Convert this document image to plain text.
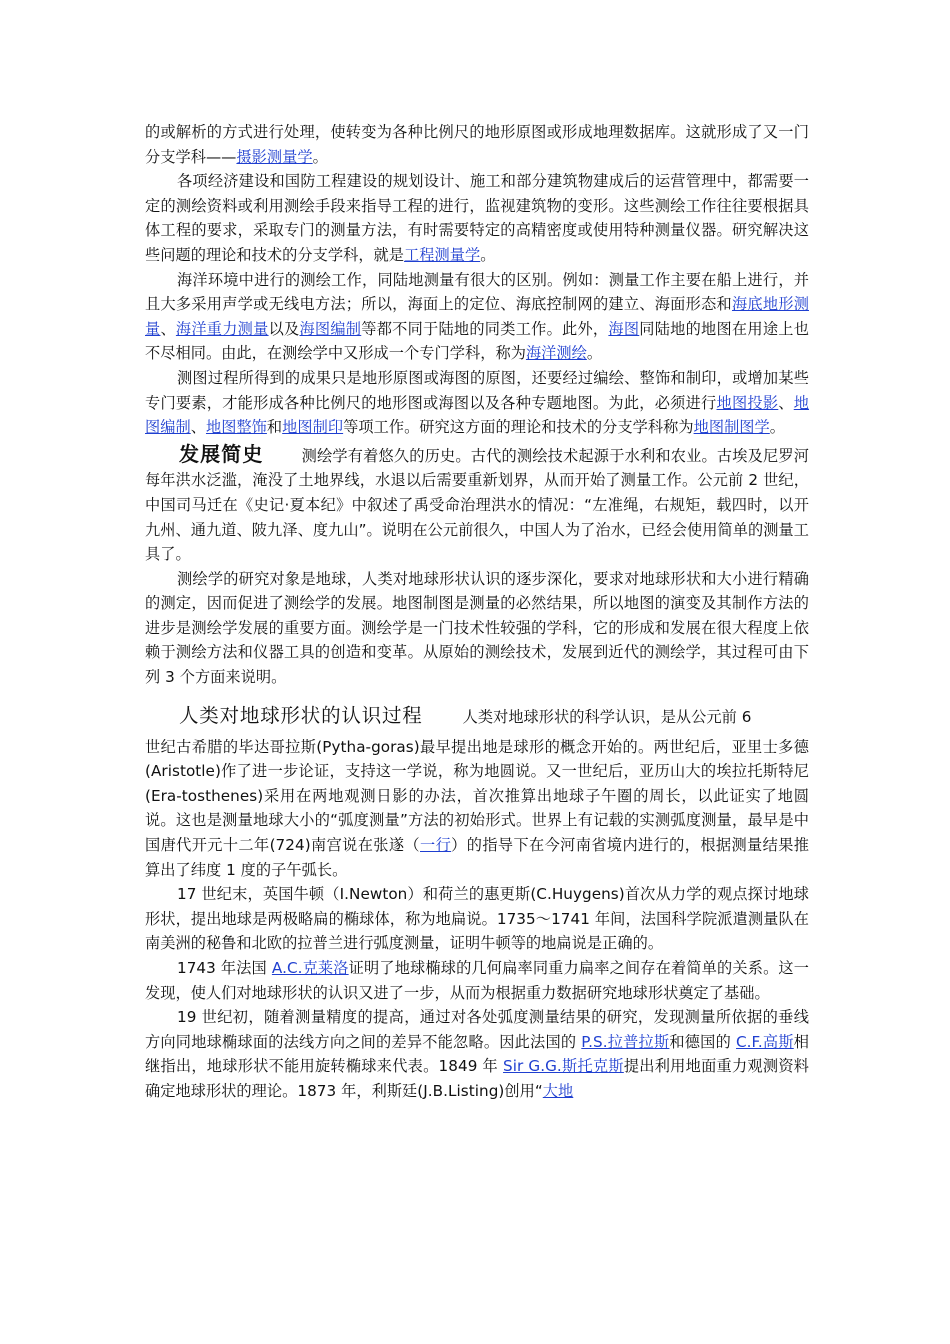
的或解析的方式进行处理，使转变为各种比例尺的地形原图或形成地理数据库。这就形成了又一门分支学科——摄影测量学。

各项经济建设和国防工程建设的规划设计、施工和部分建筑物建成后的运营管理中，都需要一定的测绘资料或利用测绘手段来指导工程的进行，监视建筑物的变形。这些测绘工作往往要根据具体工程的要求，采取专门的测量方法，有时需要特定的高精密度或使用特种测量仪器。研究解决这些问题的理论和技术的分支学科，就是工程测量学。

海洋环境中进行的测绘工作，同陆地测量有很大的区别。例如：测量工作主要在船上进行，并且大多采用声学或无线电方法；所以，海面上的定位、海底控制网的建立、海面形态和海底地形测量、海洋重力测量以及海图编制等都不同于陆地的同类工作。此外，海图同陆地的地图在用途上也不尽相同。由此，在测绘学中又形成一个专门学科，称为海洋测绘。

测图过程所得到的成果只是地形原图或海图的原图，还要经过编绘、整饰和制印，或增加某些专门要素，才能形成各种比例尺的地形图或海图以及各种专题地图。为此，必须进行地图投影、地图编制、地图整饰和地图制印等项工作。研究这方面的理论和技术的分支学科称为地图制图学。

发展简史	测绘学有着悠久的历史。古代的测绘技术起源于水利和农业。古埃及尼罗河每年洪水泛滥，淹没了土地界线，水退以后需要重新划界，从而开始了测量工作。公元前 2 世纪，中国司马迁在《史记·夏本纪》中叙述了禹受命治理洪水的情况：“左准绳，右规矩，载四时，以开九州、通九道、陂九泽、度九山”。说明在公元前很久，中国人为了治水，已经会使用简单的测量工具了。

测绘学的研究对象是地球，人类对地球形状认识的逐步深化，要求对地球形状和大小进行精确的测定，因而促进了测绘学的发展。地图制图是测量的必然结果，所以地图的演变及其制作方法的进步是测绘学发展的重要方面。测绘学是一门技术性较强的学科，它的形成和发展在很大程度上依赖于测绘方法和仪器工具的创造和变革。从原始的测绘技术，发展到近代的测绘学，其过程可由下列 3 个方面来说明。

人类对地球形状的认识过程	人类对地球形状的科学认识，是从公元前 6

世纪古希腊的毕达哥拉斯(Pytha-goras)最早提出地是球形的概念开始的。两世纪后，亚里士多德(Aristotle)作了进一步论证，支持这一学说，称为地圆说。又一世纪后，亚历山大的埃拉托斯特尼 (Era-tosthenes)采用在两地观测日影的办法，首次推算出地球子午圈的周长，以此证实了地圆说。这也是测量地球大小的“弧度测量”方法的初始形式。世界上有记载的实测弧度测量，最早是中国唐代开元十二年(724)南宫说在张遂（一行）的指导下在今河南省境内进行的，根据测量结果推算出了纬度 1 度的子午弧长。

17 世纪末，英国牛顿（I.Newton）和荷兰的惠更斯(C.Huygens)首次从力学的观点探讨地球形状，提出地球是两极略扁的椭球体，称为地扁说。1735～1741 年间，法国科学院派遣测量队在南美洲的秘鲁和北欧的拉普兰进行弧度测量，证明牛顿等的地扁说是正确的。

1743 年法国 A.C.克莱洛证明了地球椭球的几何扁率同重力扁率之间存在着简单的关系。这一发现，使人们对地球形状的认识又进了一步，从而为根据重力数据研究地球形状奠定了基础。

19 世纪初，随着测量精度的提高，通过对各处弧度测量结果的研究，发现测量所依据的垂线方向同地球椭球面的法线方向之间的差异不能忽略。因此法国的 P.S.拉普拉斯和德国的 C.F.高斯相继指出，地球形状不能用旋转椭球来代表。1849 年 Sir G.G.斯托克斯提出利用地面重力观测资料确定地球形状的理论。1873 年，利斯廷(J.B.Listing)创用“大地
